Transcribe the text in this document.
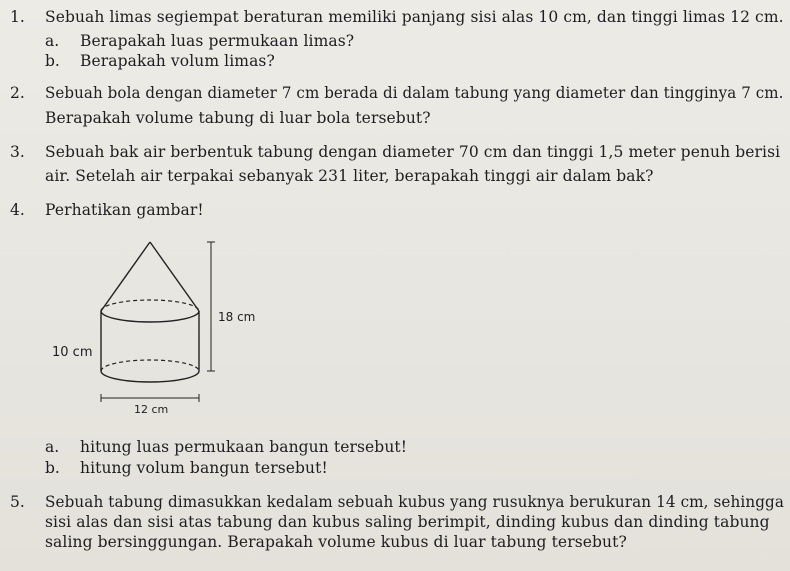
1. Sebuah limas segiempat beraturan memiliki panjang sisi alas 10 cm, dan tinggi limas 12 cm.
a. Berapakah luas permukaan limas?
b. Berapakah volum limas?
2. Sebuah bola dengan diameter 7 cm berada di dalam tabung yang diameter dan tingginya 7 cm.
Berapakah volume tabung di luar bola tersebut?
3. Sebuah bak air berbentuk tabung dengan diameter 70 cm dan tinggi 1,5 meter penuh berisi
air. Setelah air terpakai sebanyak 231 liter, berapakah tinggi air dalam bak?
4. Perhatikan gambar!
18 cm
10 cm
12 cm
a. hitung luas permukaan bangun tersebut!
b. hitung volum bangun tersebut!
5. Sebuah tabung dimasukkan kedalam sebuah kubus yang rusuknya berukuran 14 cm, sehingga
sisi alas dan sisi atas tabung dan kubus saling berimpit, dinding kubus dan dinding tabung
saling bersinggungan. Berapakah volume kubus di luar tabung tersebut?
